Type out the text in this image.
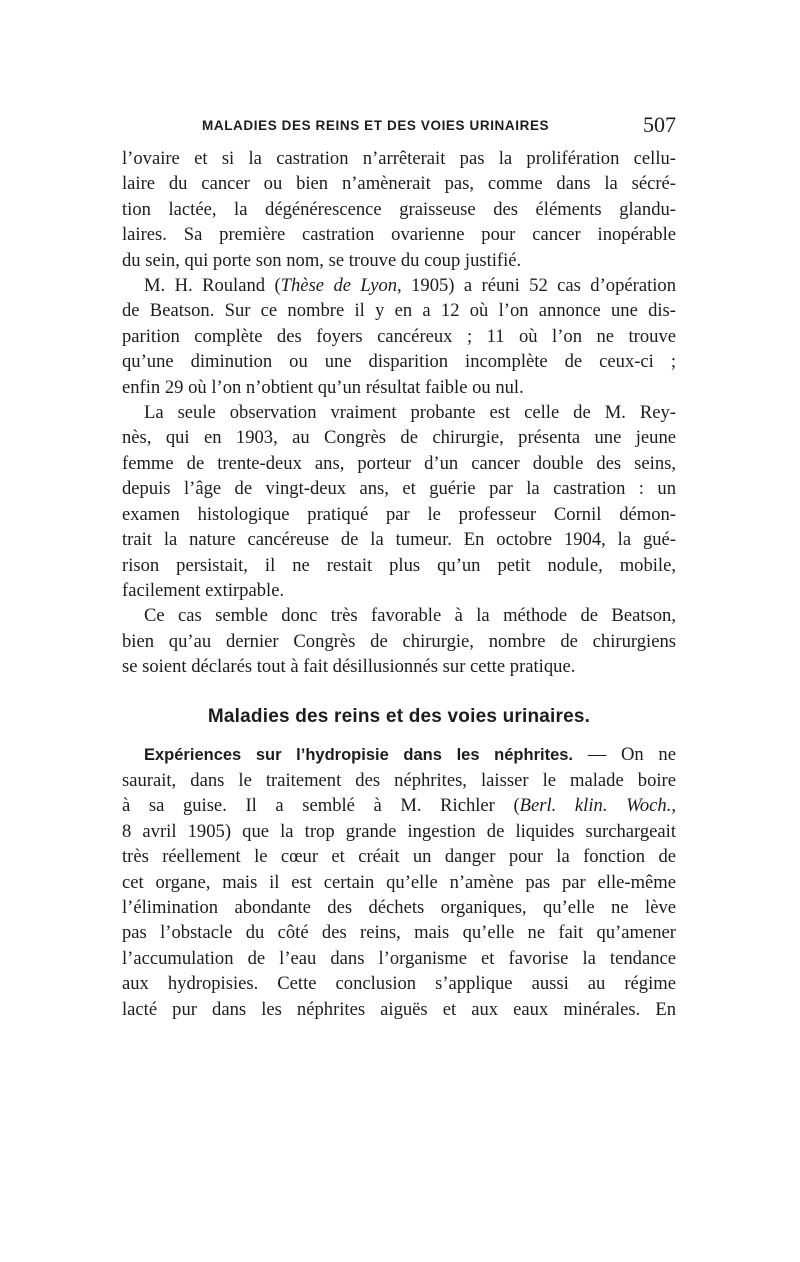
MALADIES DES REINS ET DES VOIES URINAIRES	507
l’ovaire et si la castration n’arrêterait pas la prolifération cellu-
laire du cancer ou bien n’amènerait pas, comme dans la sécré-
tion lactée, la dégénérescence graisseuse des éléments glandu-
laires. Sa première castration ovarienne pour cancer inopérable
du sein, qui porte son nom, se trouve du coup justifié.
M. H. Rouland (Thèse de Lyon, 1905) a réuni 52 cas d’opération
de Beatson. Sur ce nombre il y en a 12 où l’on annonce une dis-
parition complète des foyers cancéreux ; 11 où l’on ne trouve
qu’une diminution ou une disparition incomplète de ceux-ci ;
enfin 29 où l’on n’obtient qu’un résultat faible ou nul.
La seule observation vraiment probante est celle de M. Rey-
nès, qui en 1903, au Congrès de chirurgie, présenta une jeune
femme de trente-deux ans, porteur d’un cancer double des seins,
depuis l’âge de vingt-deux ans, et guérie par la castration : un
examen histologique pratiqué par le professeur Cornil démon-
trait la nature cancéreuse de la tumeur. En octobre 1904, la gué-
rison persistait, il ne restait plus qu’un petit nodule, mobile,
facilement extirpable.
Ce cas semble donc très favorable à la méthode de Beatson,
bien qu’au dernier Congrès de chirurgie, nombre de chirurgiens
se soient déclarés tout à fait désillusionnés sur cette pratique.
Maladies des reins et des voies urinaires.
Expériences sur l’hydropisie dans les néphrites. — On ne
saurait, dans le traitement des néphrites, laisser le malade boire
à sa guise. Il a semblé à M. Richler (Berl. klin. Woch.,
8 avril 1905) que la trop grande ingestion de liquides surchargeait
très réellement le cœur et créait un danger pour la fonction de
cet organe, mais il est certain qu’elle n’amène pas par elle-même
l’élimination abondante des déchets organiques, qu’elle ne lève
pas l’obstacle du côté des reins, mais qu’elle ne fait qu’amener
l’accumulation de l’eau dans l’organisme et favorise la tendance
aux hydropisies. Cette conclusion s’applique aussi au régime
lacté pur dans les néphrites aiguës et aux eaux minérales. En
